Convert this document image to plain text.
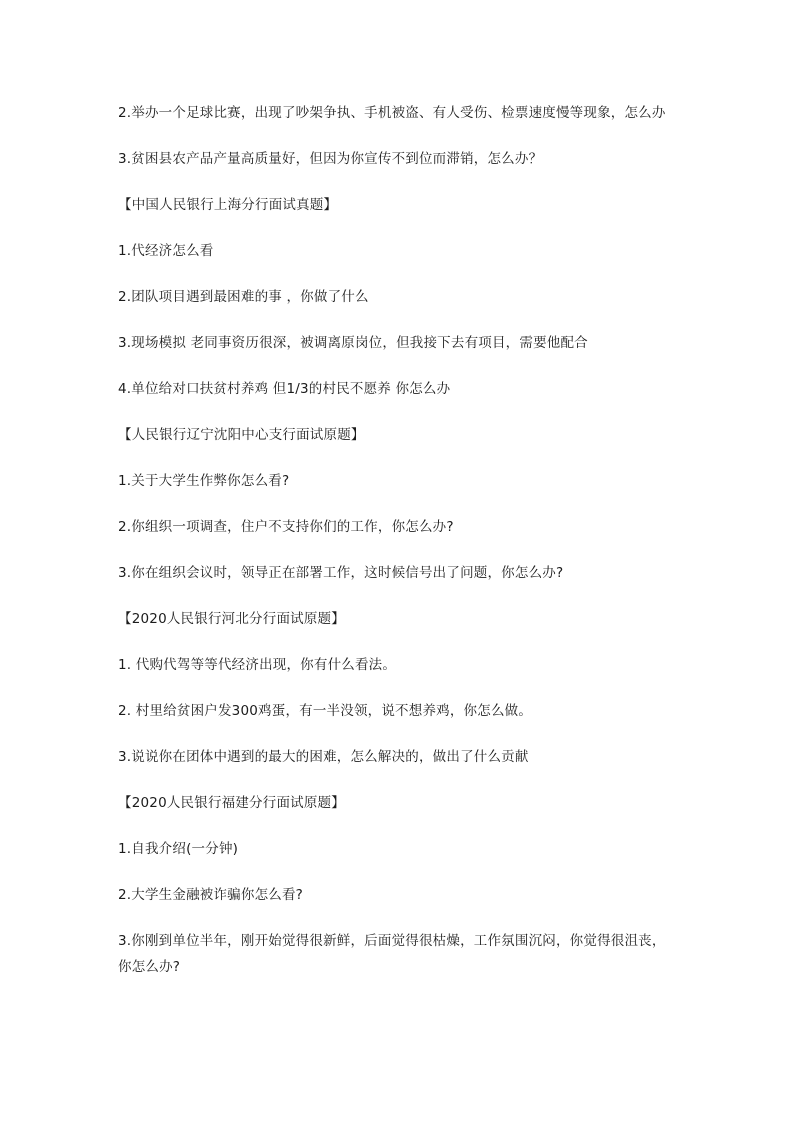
2.举办一个足球比赛，出现了吵架争执、手机被盗、有人受伤、检票速度慢等现象，怎么办

3.贫困县农产品产量高质量好，但因为你宣传不到位而滞销，怎么办？

【中国人民银行上海分行面试真题】

1.代经济怎么看

2.团队项目遇到最困难的事 ，你做了什么

3.现场模拟 老同事资历很深，被调离原岗位，但我接下去有项目，需要他配合

4.单位给对口扶贫村养鸡 但1/3的村民不愿养 你怎么办

【人民银行辽宁沈阳中心支行面试原题】

1.关于大学生作弊你怎么看?

2.你组织一项调查，住户不支持你们的工作，你怎么办?

3.你在组织会议时，领导正在部署工作，这时候信号出了问题，你怎么办?

【2020人民银行河北分行面试原题】

1. 代购代驾等等代经济出现，你有什么看法。

2. 村里给贫困户发300鸡蛋，有一半没领，说不想养鸡，你怎么做。

3.说说你在团体中遇到的最大的困难，怎么解决的，做出了什么贡献

【2020人民银行福建分行面试原题】

1.自我介绍(一分钟)

2.大学生金融被诈骗你怎么看?

3.你刚到单位半年，刚开始觉得很新鲜，后面觉得很枯燥，工作氛围沉闷，你觉得很沮丧，你怎么办?
